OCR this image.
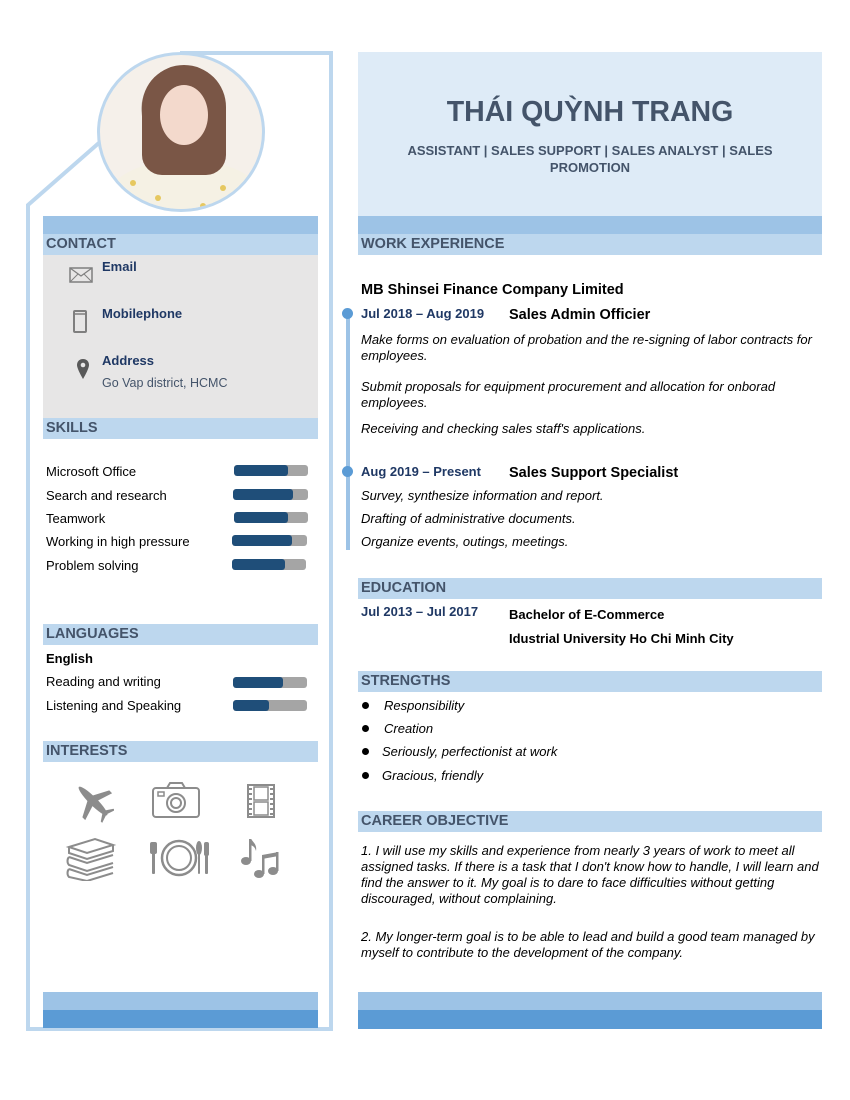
THÁI QUỲNH TRANG
ASSISTANT | SALES SUPPORT | SALES ANALYST | SALES PROMOTION
CONTACT
Email
Mobilephone
Address
Go Vap district, HCMC
SKILLS
Microsoft Office
Search and research
Teamwork
Working in high pressure
Problem solving
LANGUAGES
English
Reading and writing
Listening and Speaking
INTERESTS
WORK EXPERIENCE
MB Shinsei Finance Company Limited
Jul 2018 – Aug 2019 Sales Admin Officier
Make forms on evaluation of probation and the re-signing of labor contracts for employees.
Submit proposals for equipment procurement and allocation for onborad employees.
Receiving and checking sales staff's applications.
Aug 2019 – Present Sales Support Specialist
Survey, synthesize information and report.
Drafting of administrative documents.
Organize events, outings, meetings.
EDUCATION
Jul 2013 – Jul 2017 Bachelor of E-Commerce
Idustrial University Ho Chi Minh City
STRENGTHS
Responsibility
Creation
Seriously, perfectionist at work
Gracious, friendly
CAREER OBJECTIVE
1. I will use my skills and experience from nearly 3 years of work to meet all assigned tasks. If there is a task that I don't know how to handle, I will learn and find the answer to it. My goal is to dare to face difficulties without getting discouraged, without complaining.
2. My longer-term goal is to be able to lead and build a good team managed by myself to contribute to the development of the company.
